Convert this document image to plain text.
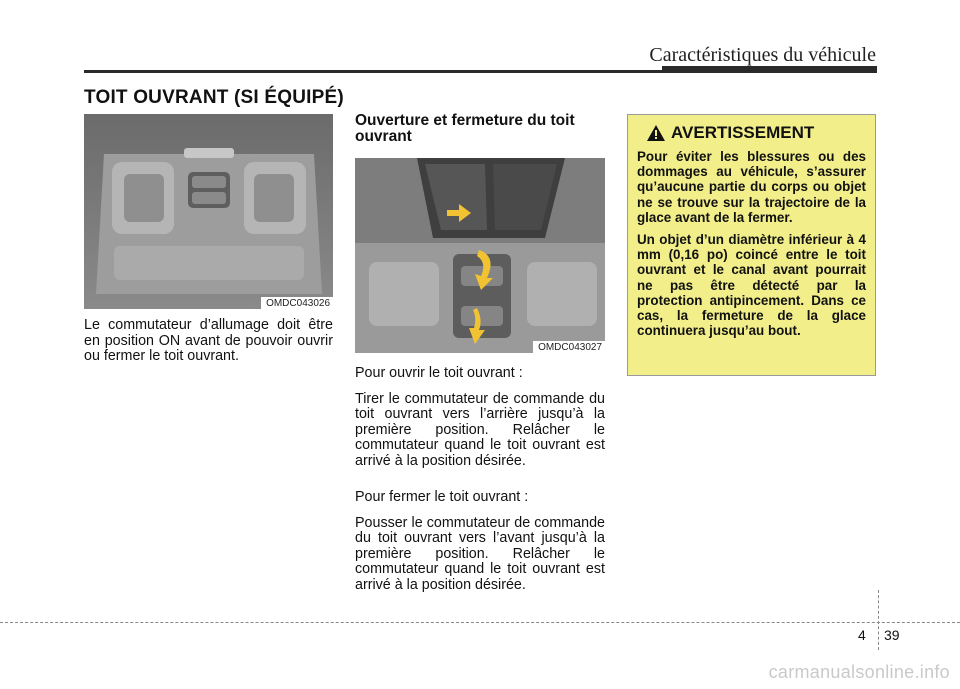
Caractéristiques du véhicule
TOIT OUVRANT (SI ÉQUIPÉ)
OMDC043026

Le commutateur d’allumage doit être en position ON avant de pouvoir ouvrir ou fermer le toit ouvrant.

Ouverture et fermeture du toit ouvrant
OMDC043027

Pour ouvrir le toit ouvrant :

Tirer le commutateur de commande du toit ouvrant vers l’arrière jusqu’à la première position. Relâcher le commutateur quand le toit ouvrant est arrivé à la position désirée.

Pour fermer le toit ouvrant :

Pousser le commutateur de commande du toit ouvrant vers l’avant jusqu’à la première position. Relâcher le commutateur quand le toit ouvrant est arrivé à la position désirée.

AVERTISSEMENT

Pour éviter les blessures ou des dommages au véhicule, s’assurer qu’aucune partie du corps ou objet ne se trouve sur la trajectoire de la glace avant de la fermer.

Un objet d’un diamètre inférieur à 4 mm (0,16 po) coincé entre le toit ouvrant et le canal avant pourrait ne pas être détecté par la protection antipincement. Dans ce cas, la fermeture de la glace continuera jusqu’au bout.

4 39
carmanualsonline.info
